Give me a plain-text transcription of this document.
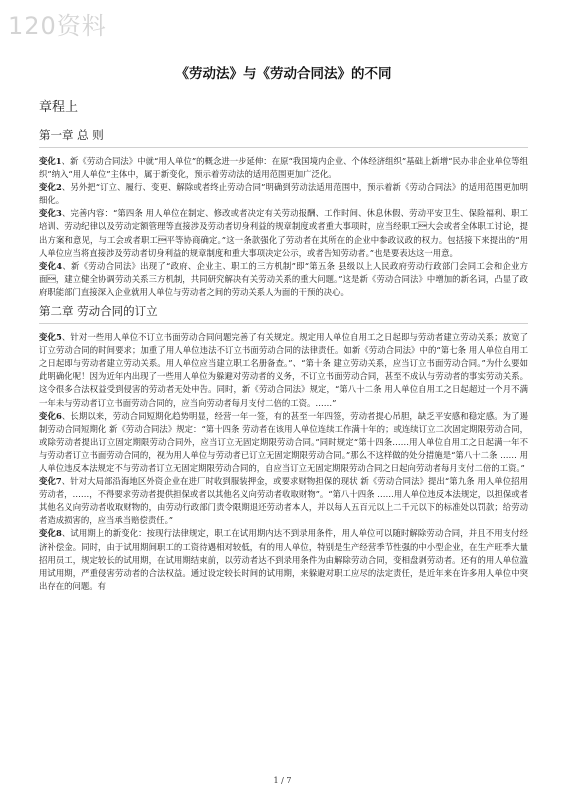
120资料
《劳动法》与《劳动合同法》的不同
章程上
第一章 总 则

变化1、新《劳动合同法》中就“用人单位”的概念进一步延伸：在原“我国境内企业、个体经济组织”基础上新增“民办非企业单位等组织”纳入“用人单位”主体中，属于新变化，预示着劳动法的适用范围更加广泛化。

变化2、另外把“订立、履行、变更、解除或者终止劳动合同”明确到劳动法适用范围中，预示着新《劳动合同法》的适用范围更加明细化。

变化3、完善内容：“第四条 用人单位在制定、修改或者决定有关劳动报酬、工作时间、休息休假、劳动平安卫生、保险福利、职工培训、劳动纪律以及劳动定额管理等直接涉及劳动者切身利益的规章制度或者重大事项时，应当经职工大会或者全体职工讨论，提出方案和意见，与工会或者职工平等协商确定。”这一条款强化了劳动者在其所在的企业中参政议政的权力。包括接下来提出的“用人单位应当将直接涉及劳动者切身利益的规章制度和重大事项决定公示，或者告知劳动者。”也是要表达这一用意。

变化4、新《劳动合同法》出现了“政府、企业主、职工的三方机制”即“第五条 县级以上人民政府劳动行政部门会同工会和企业方面，建立健全协调劳动关系三方机制，共同研究解决有关劳动关系的重大问题。”这是新《劳动合同法》中增加的新名词，凸显了政府职能部门直接深入企业就用人单位与劳动者之间的劳动关系人为面的干预的决心。

第二章 劳动合同的订立

变化5、针对一些用人单位不订立书面劳动合同问题完善了有关规定。规定用人单位自用工之日起即与劳动者建立劳动关系；放宽了订立劳动合同的时间要求；加重了用人单位违法不订立书面劳动合同的法律责任。如新《劳动合同法》中的“第七条 用人单位自用工之日起即与劳动者建立劳动关系。用人单位应当建立职工名册备查。”、“第十条 建立劳动关系，应当订立书面劳动合同。”为什么要如此明确化呢！因为近年内出现了一些用人单位为躲避对劳动者的义务，不订立书面劳动合同，甚至不成认与劳动者的事实劳动关系。这令很多合法权益受到侵害的劳动者无处申告。同时，新《劳动合同法》规定，“第八十二条 用人单位自用工之日起超过一个月不满一年未与劳动者订立书面劳动合同的，应当向劳动者每月支付二倍的工资。……”

变化6、长期以来，劳动合同短期化趋势明显，经营一年一签，有的甚至一年四签，劳动者提心吊胆，缺乏平安感和稳定感。为了遏制劳动合同短期化 新《劳动合同法》规定：“第十四条 劳动者在该用人单位连续工作满十年的；或连续订立二次固定期限劳动合同，或除劳动者提出订立固定期限劳动合同外，应当订立无固定期限劳动合同。”同时规定“第十四条……用人单位自用工之日起满一年不与劳动者订立书面劳动合同的，视为用人单位与劳动者已订立无固定期限劳动合同。”那么不这样做的处分措施是“第八十二条 …… 用人单位违反本法规定不与劳动者订立无固定期限劳动合同的，自应当订立无固定期限劳动合同之日起向劳动者每月支付二倍的工资。”

变化7、针对大局部沿海地区外资企业在进厂时收到服装押金，或要求财物担保的现状 新《劳动合同法》提出“第九条 用人单位招用劳动者，……，不得要求劳动者提供担保或者以其他名义向劳动者收取财物”。“第八十四条 ……用人单位违反本法规定，以担保或者其他名义向劳动者收取财物的，由劳动行政部门责令限期退还劳动者本人，并以每人五百元以上二千元以下的标准处以罚款；给劳动者造成损害的，应当承当赔偿责任。”

变化8、试用期上的新变化：按现行法律规定，职工在试用期内达不到录用条件，用人单位可以随时解除劳动合同，并且不用支付经济补偿金。同时，由于试用期间职工的工资待遇相对较低，有的用人单位，特别是生产经营季节性强的中小型企业，在生产旺季大量招用员工，规定较长的试用期，在试用期结束前，以劳动者达不到录用条件为由解除劳动合同，变相盘剥劳动者。还有的用人单位滥用试用期，严重侵害劳动者的合法权益。通过设定较长时间的试用期，来躲避对职工应尽的法定责任，是近年来在许多用人单位中突出存在的问题。有

1 / 7
